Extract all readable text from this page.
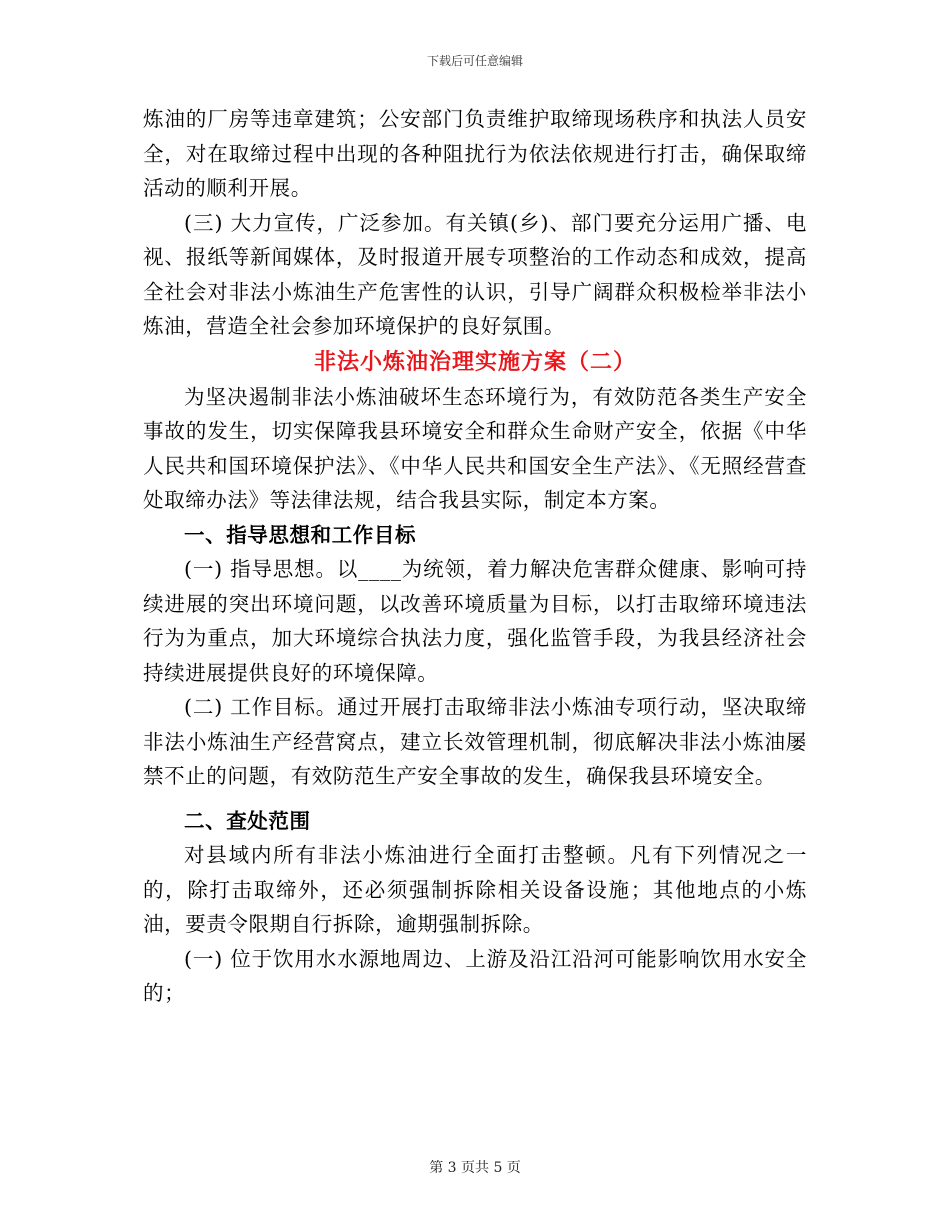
下载后可任意编辑

炼油的厂房等违章建筑；公安部门负责维护取缔现场秩序和执法人员安全，对在取缔过程中出现的各种阻扰行为依法依规进行打击，确保取缔活动的顺利开展。

(三) 大力宣传，广泛参加。有关镇(乡)、部门要充分运用广播、电视、报纸等新闻媒体，及时报道开展专项整治的工作动态和成效，提高全社会对非法小炼油生产危害性的认识，引导广阔群众积极检举非法小炼油，营造全社会参加环境保护的良好氛围。

非法小炼油治理实施方案（二）

为坚决遏制非法小炼油破坏生态环境行为，有效防范各类生产安全事故的发生，切实保障我县环境安全和群众生命财产安全，依据《中华人民共和国环境保护法》、《中华人民共和国安全生产法》、《无照经营查处取缔办法》等法律法规，结合我县实际，制定本方案。

一、指导思想和工作目标

(一) 指导思想。以____为统领，着力解决危害群众健康、影响可持续进展的突出环境问题，以改善环境质量为目标，以打击取缔环境违法行为为重点，加大环境综合执法力度，强化监管手段，为我县经济社会持续进展提供良好的环境保障。

(二) 工作目标。通过开展打击取缔非法小炼油专项行动，坚决取缔非法小炼油生产经营窝点，建立长效管理机制，彻底解决非法小炼油屡禁不止的问题，有效防范生产安全事故的发生，确保我县环境安全。

二、查处范围

对县域内所有非法小炼油进行全面打击整顿。凡有下列情况之一的，除打击取缔外，还必须强制拆除相关设备设施；其他地点的小炼油，要责令限期自行拆除，逾期强制拆除。

(一) 位于饮用水水源地周边、上游及沿江沿河可能影响饮用水安全的；

第 3 页共 5 页
